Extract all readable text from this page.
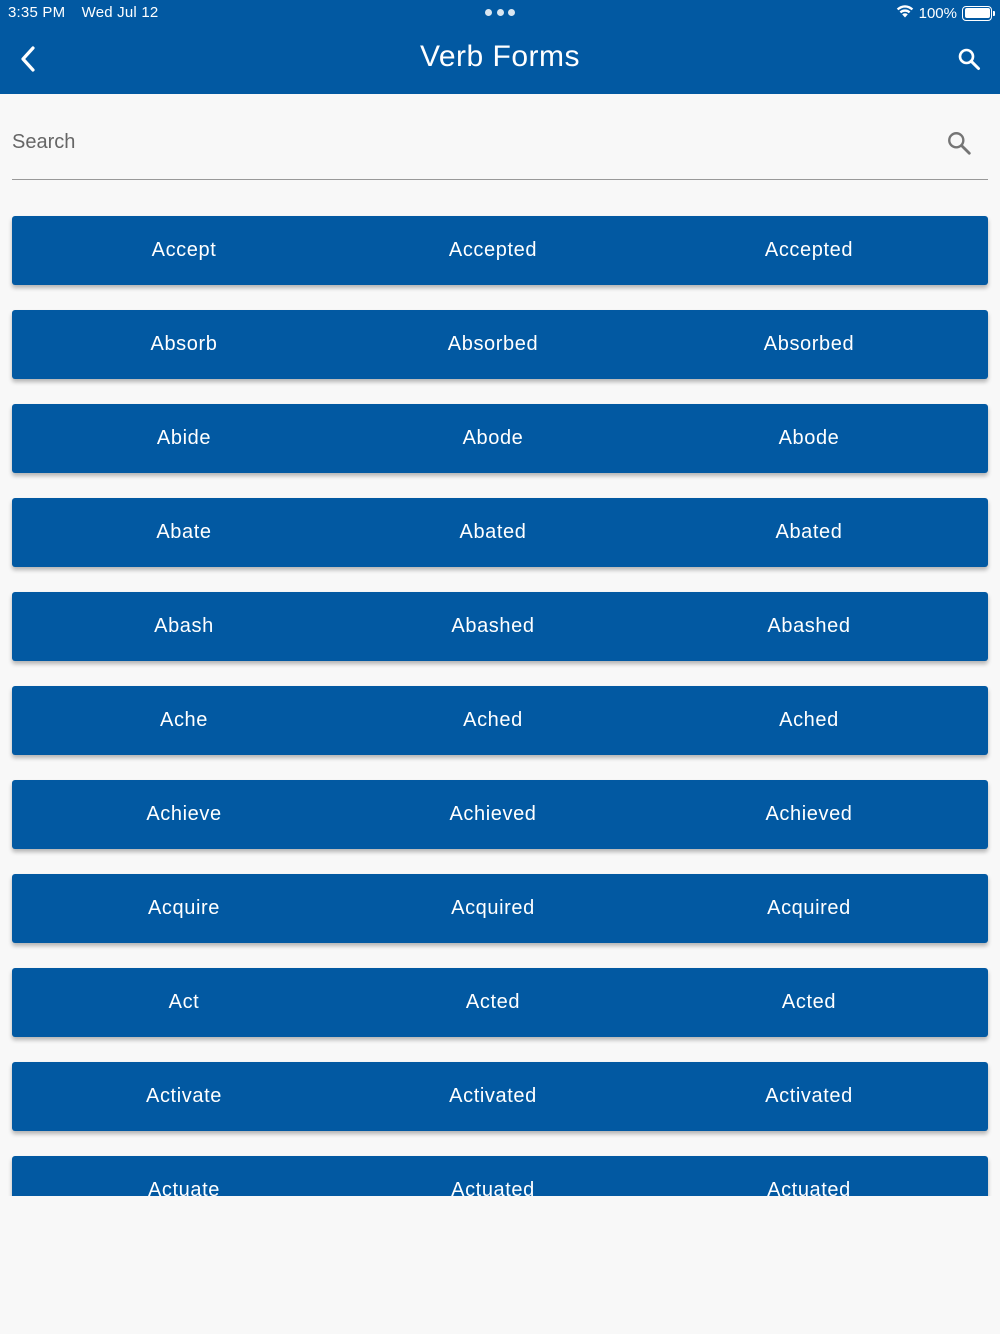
3:35 PM Wed Jul 12	100%
Verb Forms
Search
Accept	Accepted	Accepted
Absorb	Absorbed	Absorbed
Abide	Abode	Abode
Abate	Abated	Abated
Abash	Abashed	Abashed
Ache	Ached	Ached
Achieve	Achieved	Achieved
Acquire	Acquired	Acquired
Act	Acted	Acted
Activate	Activated	Activated
Actuate	Actuated	Actuated
